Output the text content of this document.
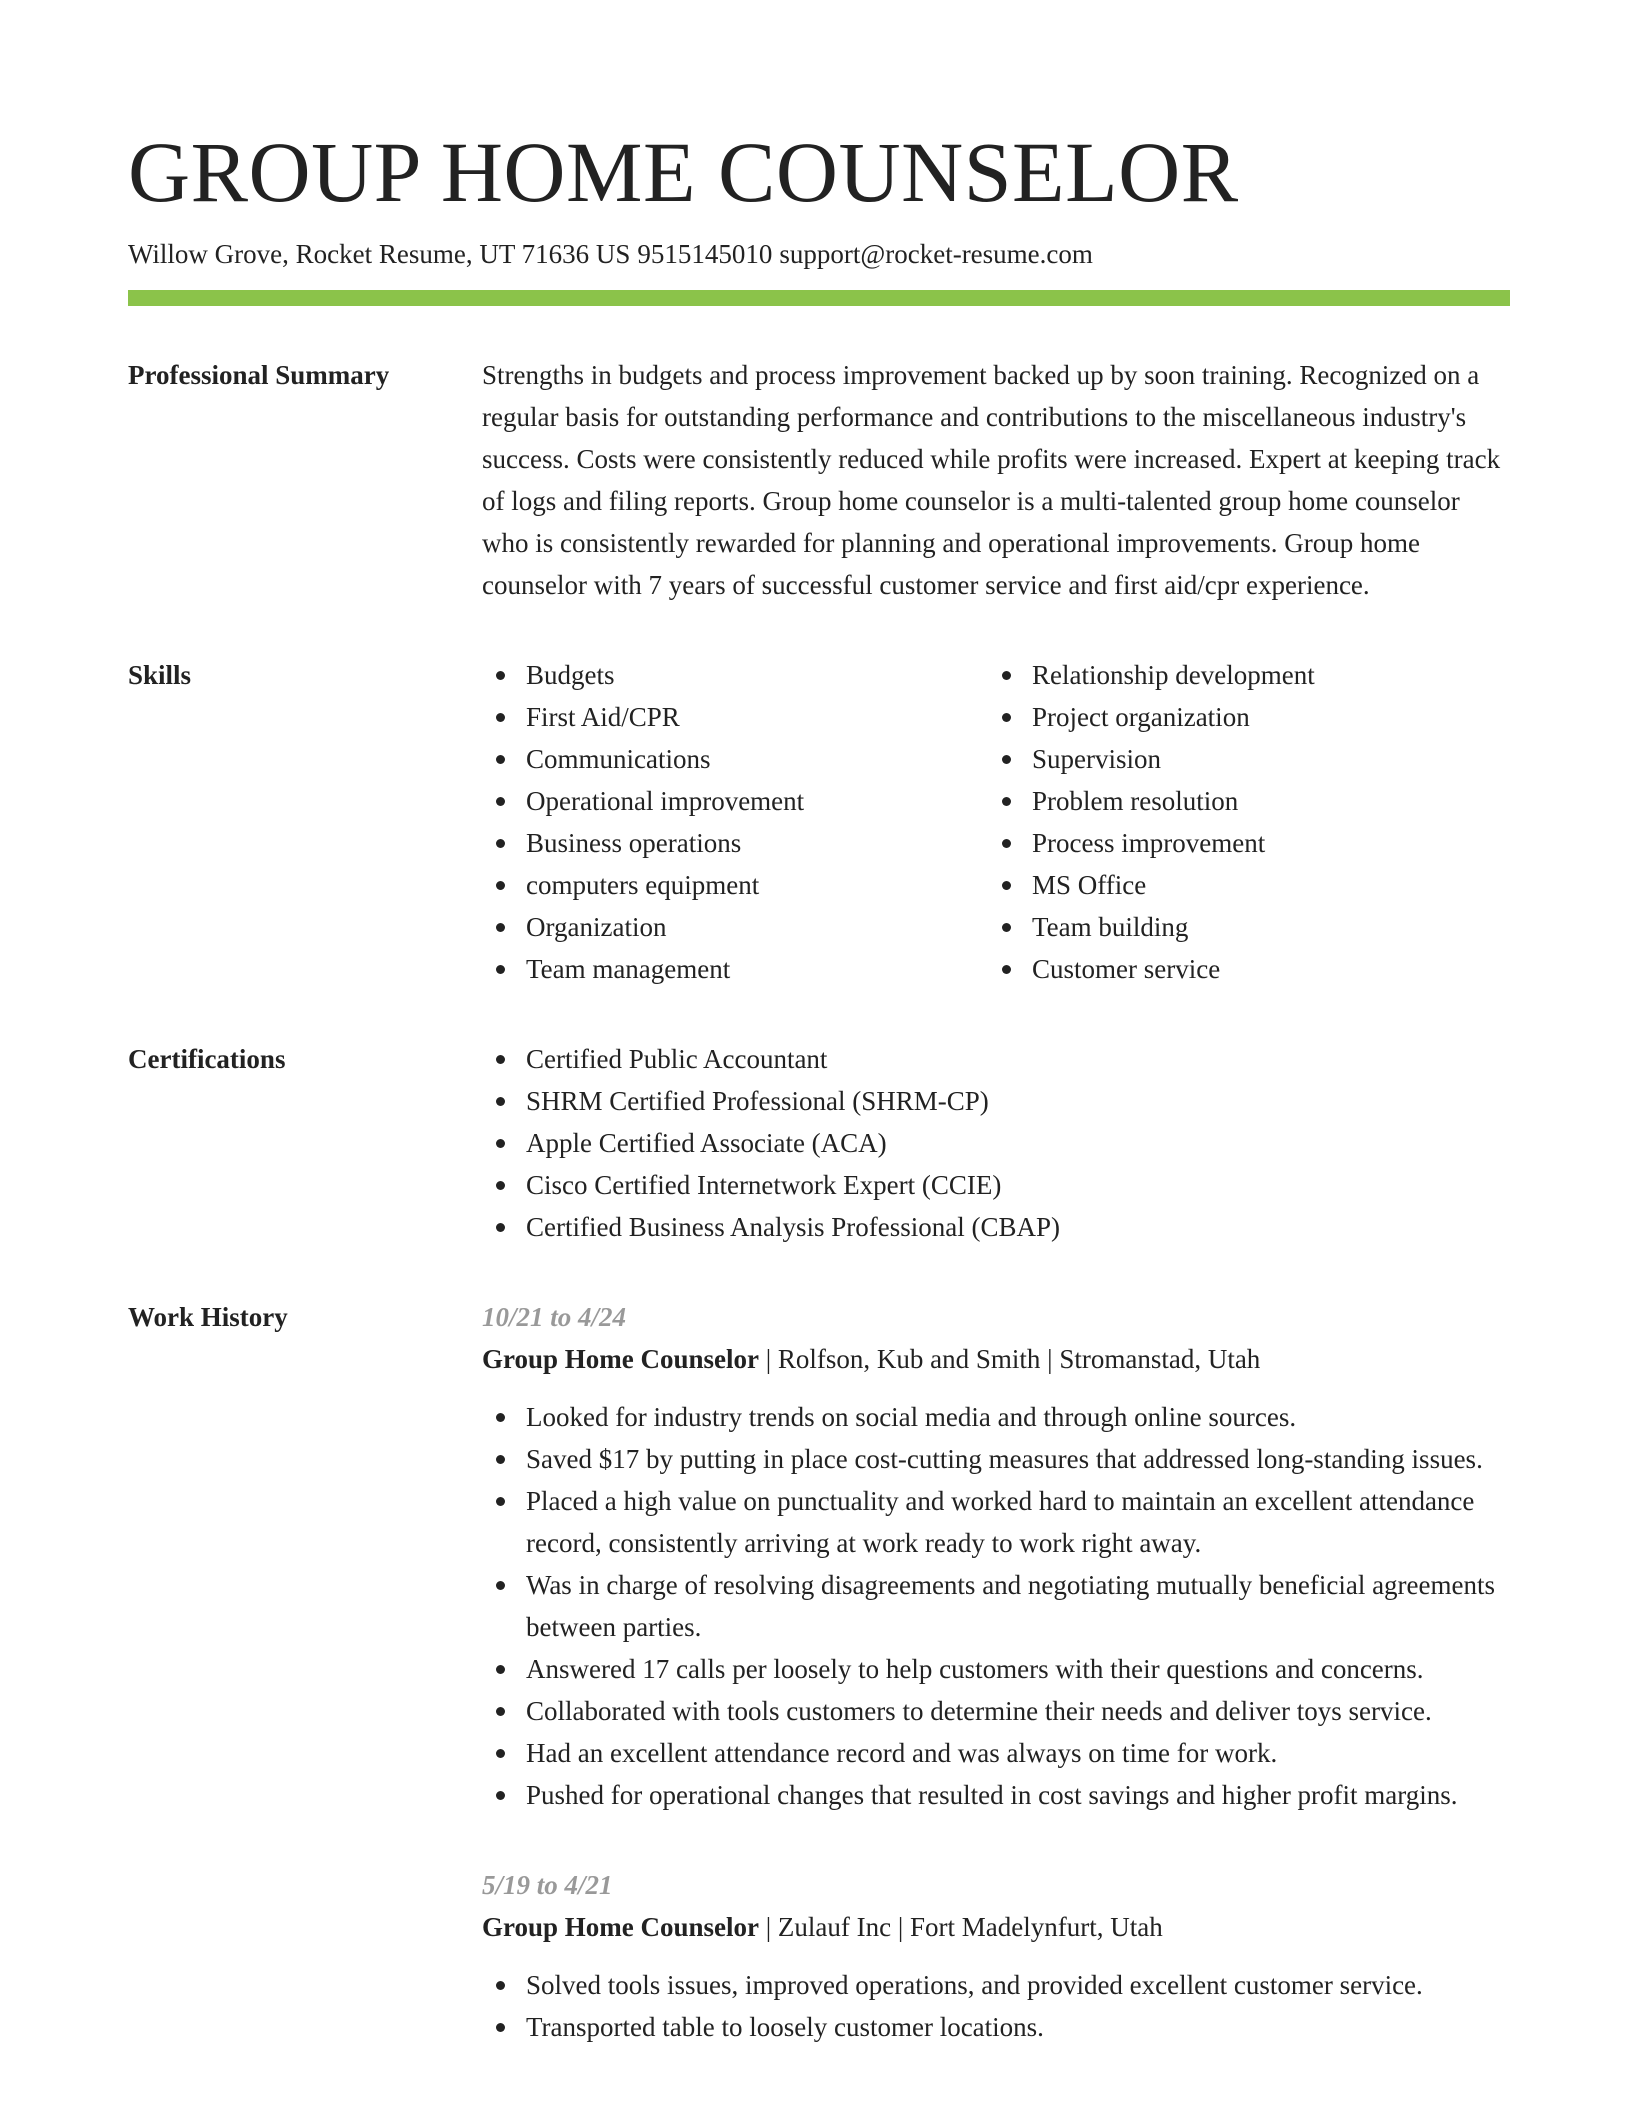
GROUP HOME COUNSELOR
Willow Grove, Rocket Resume, UT 71636 US 9515145010 support@rocket-resume.com
Professional Summary	Strengths in budgets and process improvement backed up by soon training. Recognized on a regular basis for outstanding performance and contributions to the miscellaneous industry's success. Costs were consistently reduced while profits were increased. Expert at keeping track of logs and filing reports. Group home counselor is a multi-talented group home counselor who is consistently rewarded for planning and operational improvements. Group home counselor with 7 years of successful customer service and first aid/cpr experience.

Skills	Budgets
First Aid/CPR
Communications
Operational improvement
Business operations
computers equipment
Organization
Team management
Relationship development
Project organization
Supervision
Problem resolution
Process improvement
MS Office
Team building
Customer service
Certifications	Certified Public Accountant
SHRM Certified Professional (SHRM-CP)
Apple Certified Associate (ACA)
Cisco Certified Internetwork Expert (CCIE)
Certified Business Analysis Professional (CBAP)
Work History	10/21 to 4/24
Group Home Counselor | Rolfson, Kub and Smith | Stromanstad, Utah
Looked for industry trends on social media and through online sources.
Saved $17 by putting in place cost-cutting measures that addressed long-standing issues.
Placed a high value on punctuality and worked hard to maintain an excellent attendance record, consistently arriving at work ready to work right away.
Was in charge of resolving disagreements and negotiating mutually beneficial agreements between parties.
Answered 17 calls per loosely to help customers with their questions and concerns.
Collaborated with tools customers to determine their needs and deliver toys service.
Had an excellent attendance record and was always on time for work.
Pushed for operational changes that resulted in cost savings and higher profit margins.
5/19 to 4/21
Group Home Counselor | Zulauf Inc | Fort Madelynfurt, Utah
Solved tools issues, improved operations, and provided excellent customer service.
Transported table to loosely customer locations.
